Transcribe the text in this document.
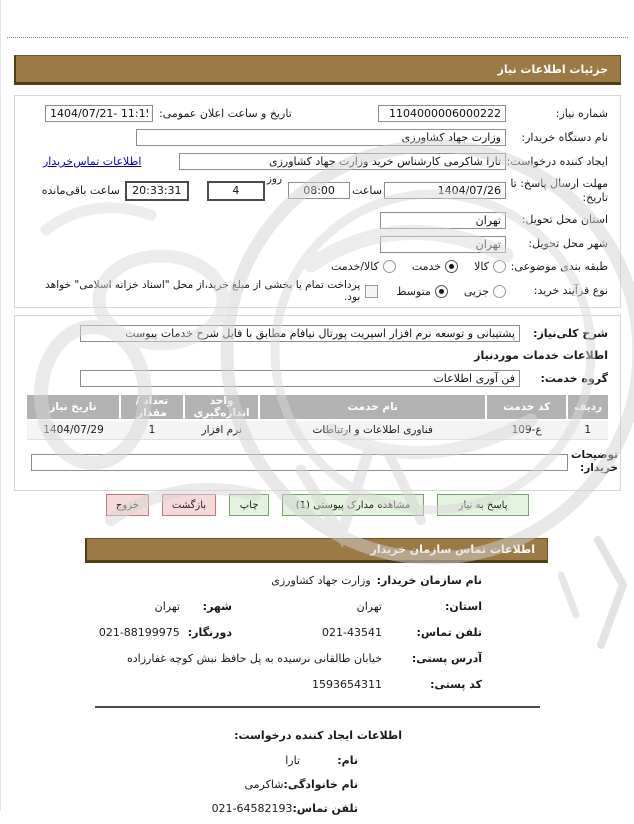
جزئیات اطلاعات نیاز
شماره نیاز:
1104000006000222
تاریخ و ساعت اعلان عمومی:
1404/07/21- 11:15
نام دستگاه خریدار:
وزارت جهاد کشاورزی
ایجاد کننده درخواست:
تارا شاکرمی کارشناس خرید وزارت جهاد کشاورزی
اطلاعات تماس‌خریدار
مهلت ارسال پاسخ: تا تاریخ:
1404/07/26
ساعت
08:00
روز
4
20:33:31
ساعت باقی‌مانده
استان محل تحویل:
تهران
شهر محل تحویل:
تهران
طبقه بندی موضوعی:
کالا
خدمت
کالا/خدمت
نوع فرآیند خرید:
جزیی
متوسط
پرداخت تمام یا بخشی از مبلغ خرید،از محل "اسناد خزانه اسلامی" خواهد بود.
شرح کلی‌نیاز:
پشتیبانی و توسعه نرم افزار اسپریت پورتال نیافام مطابق با فایل شرح خدمات پیوست
اطلاعات خدمات موردنیاز
گروه خدمت:
فن آوری اطلاعات
ردیف	کد خدمت	نام خدمت	واحد اندازه‌گیری	تعداد / مقدار	تاریخ نیاز
1	ع-109	فناوری اطلاعات و ارتباطات	نرم افزار	1	1404/07/29
توضیحات خریدار:
پاسخ به نیاز
مشاهده مدارک پیوستی (1)
چاپ
بازگشت
خروج
اطلاعات تماس سازمان خریدار
نام سازمان خریدار:
وزارت جهاد کشاورزی
استان:
تهران
شهر:
تهران
تلفن تماس:
021-43541
دورنگار:
021-88199975
آدرس پستی:
خیابان طالقانی نرسیده به پل حافظ نبش کوچه غفارزاده
کد پستی:
1593654311
اطلاعات ایجاد کننده درخواست:
نام:
تارا
نام خانوادگی:
شاکرمی
تلفن تماس:
021-64582193
